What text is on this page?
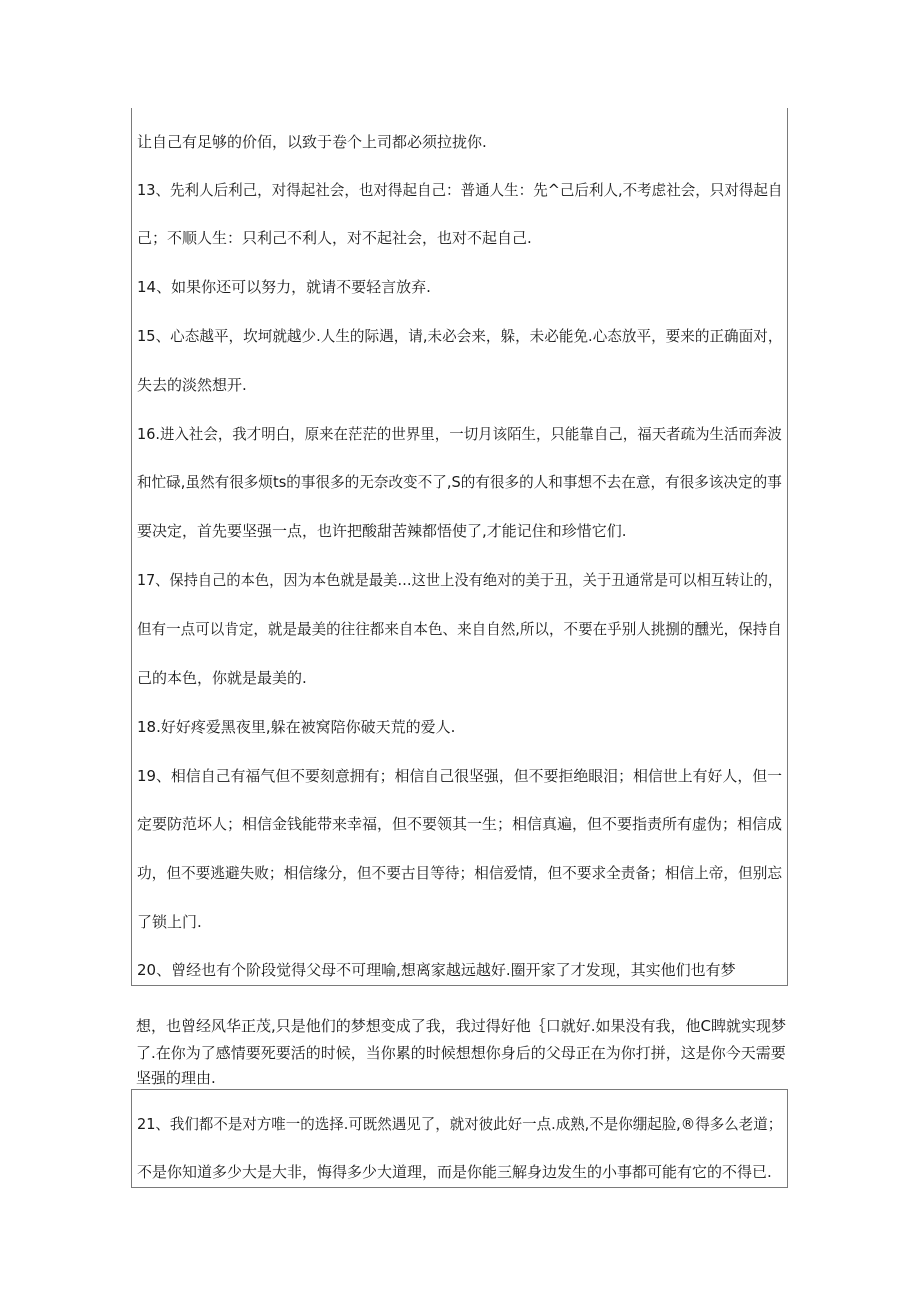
让自己有足够的价佰，以致于卷个上司都必须拉拢你.
13、先利人后利己，对得起社会，也对得起自己：普通人生：先^己后利人,不考虑社会，只对得起自
己；不顺人生：只利己不利人，对不起社会，也对不起自己.
14、如果你还可以努力，就请不要轻言放弃.
15、心态越平，坎坷就越少.人生的际遇，请,未必会来，躲，未必能免.心态放平，要来的正确面对，
失去的淡然想开.
16.进入社会，我才明白，原来在茫茫的世界里，一切月该陌生，只能靠自己，福天者疏为生活而奔波
和忙碌,虽然有很多烦ts的事很多的无奈改变不了,S的有很多的人和事想不去在意，有很多该决定的事
要决定，首先要坚强一点，也许把酸甜苦辣都悟使了,才能记住和珍惜它们.
17、保持自己的本色，因为本色就是最美…这世上没有绝对的美于丑，关于丑通常是可以相互转让的，
但有一点可以肯定，就是最美的往往都来自本色、来自自然,所以，不要在乎别人挑捌的醺光，保持自
己的本色，你就是最美的.
18.好好疼爱黑夜里,躲在被窝陪你破天荒的爱人.
19、相信自己有福气但不要刻意拥有；相信自己很坚强，但不要拒绝眼泪；相信世上有好人，但一
定要防范坏人；相信金钱能带来幸福，但不要领其一生；相信真遍，但不要指责所有虚伪；相信成
功，但不要逃避失败；相信缘分，但不要古目等待；相信爱情，但不要求全责备；相信上帝，但别忘
了锁上门.
20、曾经也有个阶段觉得父母不可理喻,想离家越远越好.圈开家了才发现，其实他们也有梦
想，也曾经风华正茂,只是他们的梦想变成了我，我过得好他｛口就好.如果没有我，他C睥就实现梦
了.在你为了感情要死要活的时候，当你累的时候想想你身后的父母正在为你打拼，这是你今天需要
坚强的理由.
21、我们都不是对方唯一的选择.可既然遇见了，就对彼此好一点.成熟,不是你绷起脸,®得多么老道；
不是你知道多少大是大非，悔得多少大道理，而是你能三解身边发生的小事都可能有它的不得已.
